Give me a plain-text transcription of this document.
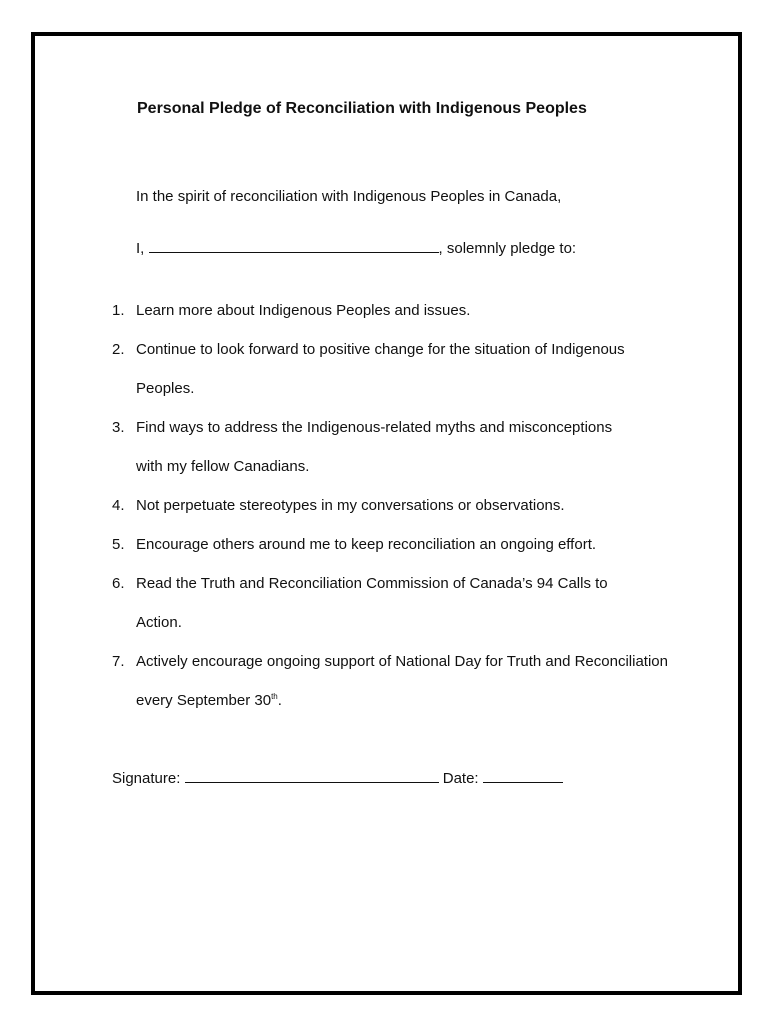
Personal Pledge of Reconciliation with Indigenous Peoples
In the spirit of reconciliation with Indigenous Peoples in Canada,
I,	, solemnly pledge to:
1. Learn more about Indigenous Peoples and issues.
2. Continue to look forward to positive change for the situation of Indigenous
Peoples.
3. Find ways to address the Indigenous-related myths and misconceptions
with my fellow Canadians.
4. Not perpetuate stereotypes in my conversations or observations.
5. Encourage others around me to keep reconciliation an ongoing effort.
6. Read the Truth and Reconciliation Commission of Canada’s 94 Calls to
Action.
7. Actively encourage ongoing support of National Day for Truth and Reconciliation
every September 30th.
Signature:	Date:
